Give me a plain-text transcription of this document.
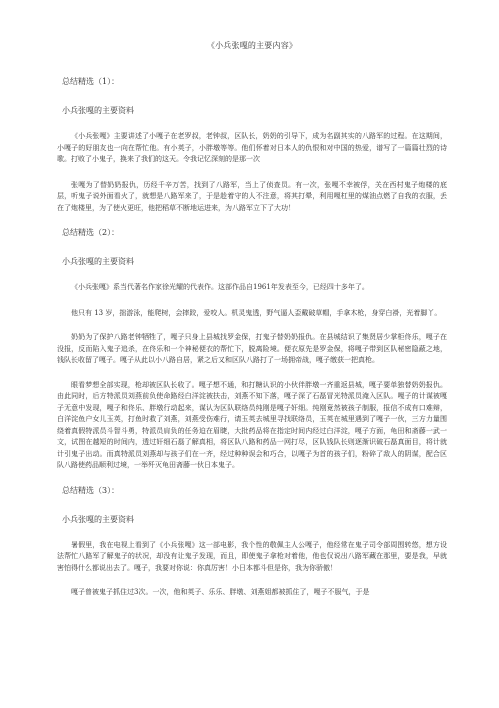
《小兵张嘎的主要内容》
总结精选（1）：
小兵张嘎的主要资料

《小兵张嘎》主要讲述了小嘎子在老罗叔，老钟叔，区队长，奶奶的引导下，成为名副其实的八路军的过程。在这期间，小嘎子的好朋友也一向在帮忙他。有小英子，小胖墩等等。他们怀着对日本人的仇恨和对中国的热爱，谱写了一篇篇壮烈的诗歌。打败了小鬼子，换来了我们的这天。令我记忆深刻的是那一次

张嘎为了替奶奶报仇，历经千辛万苦，找到了八路军，当上了侦查员。有一次，张嘎不幸被俘，关在西村鬼子炮楼的底层，听鬼子说外面看火了，就想是八路军来了，于是趁着守的人不注意，将其打晕，利用嘎杠里的煤油点燃了自我的衣服，丢在了炮楼里，为了使火更旺，他把稻草不断地运进来，为八路军立下了大功！

总结精选（2）：
小兵张嘎的主要资料

《小兵张嘎》系当代著名作家徐光耀的代表作。这部作品自1961年发表至今，已经四十多年了。

他只有 13 岁，拙游泳，能爬树，会摔跤，爱咬人。机灵鬼透，野气逼人歪戴破草帽，手拿木枪，身穿白褂，光着脚丫。

奶奶为了保护八路老钟牺牲了，嘎子只身上县城找罗金保，打鬼子替奶奶报仇。在县城结识了集贤居少掌柜佟乐，嘎子在没报，反而陷入鬼子追杀，在佟乐和一个神秘便衣的帮忙下，脱离险境。便衣原先是罗金保，将嘎子带到区队秘密隐蔽之地，钱队长收留了嘎子。嘎子从此以小八路自居，紧之后又和区队八路打了一场拥帝战，嘎子缴获一把真枪。

眼看梦想全部实现，枪却被区队长收了。嘎子想不通，和打糖认识的小伙伴胖墩一齐重返县城，嘎子要单独替奶奶报仇。由此同时，后方特派员刘燕前负使命路经白洋淀被扶击，刘燕不知下落，嘎子深了石磊冒光特派员淹入区队。嘎子的计谋被嘎子无意中发现，嘎子和佟乐、胖墩行动起来，谋认为区队联络员纯刚是嘎子奸细。纯刚竟然被孩子制服，报信不成有口难辩，白洋淀鱼户女儿玉英，打鱼时救了刘燕，刘燕受伤难行，请玉英去城里寻找联络员，玉英在城里遇到了嘎子一伙，三方力量围绕着真假特派员斗智斗勇，特派员肩负的任务迫在眉睫，大批药品将在指定时间内经过白洋淀，嘎子方面，龟田和斋藤一武一文，试图在越短的时间内，透过奸细石磊了解真相，将区队八路和药品一网打尽，区队钱队长则逐渐识破石磊真面目，将计就计引鬼子出动。而真特派员刘燕却与孩子们在一齐，经过种种误会和巧合，以嘎子为首的孩子们，粉碎了敌人的阴谋，配合区队八路使药品顺利过境，一举歼灭龟田斋藤一伙日本鬼子。

总结精选（3）：
小兵张嘎的主要资料

暑假里，我在电视上看到了《小兵张嘎》这一部电影，我个性的敬佩主人公嘎子，他经常在鬼子司令部周围转悠，想方设法帮忙八路军了解鬼子的状况，却没有让鬼子发现，而且，即使鬼子拿枪对着他，他也仅说出八路军藏在那里，要是我，早就害怕得什么都说出去了。嘎子，我要对你说：你真厉害！小日本都斗但是你，我为你骄傲！

嘎子曾被鬼子抓住过3次。一次，他和英子、乐乐、胖墩、刘燕姐都被抓住了，嘎子不服气，于是
